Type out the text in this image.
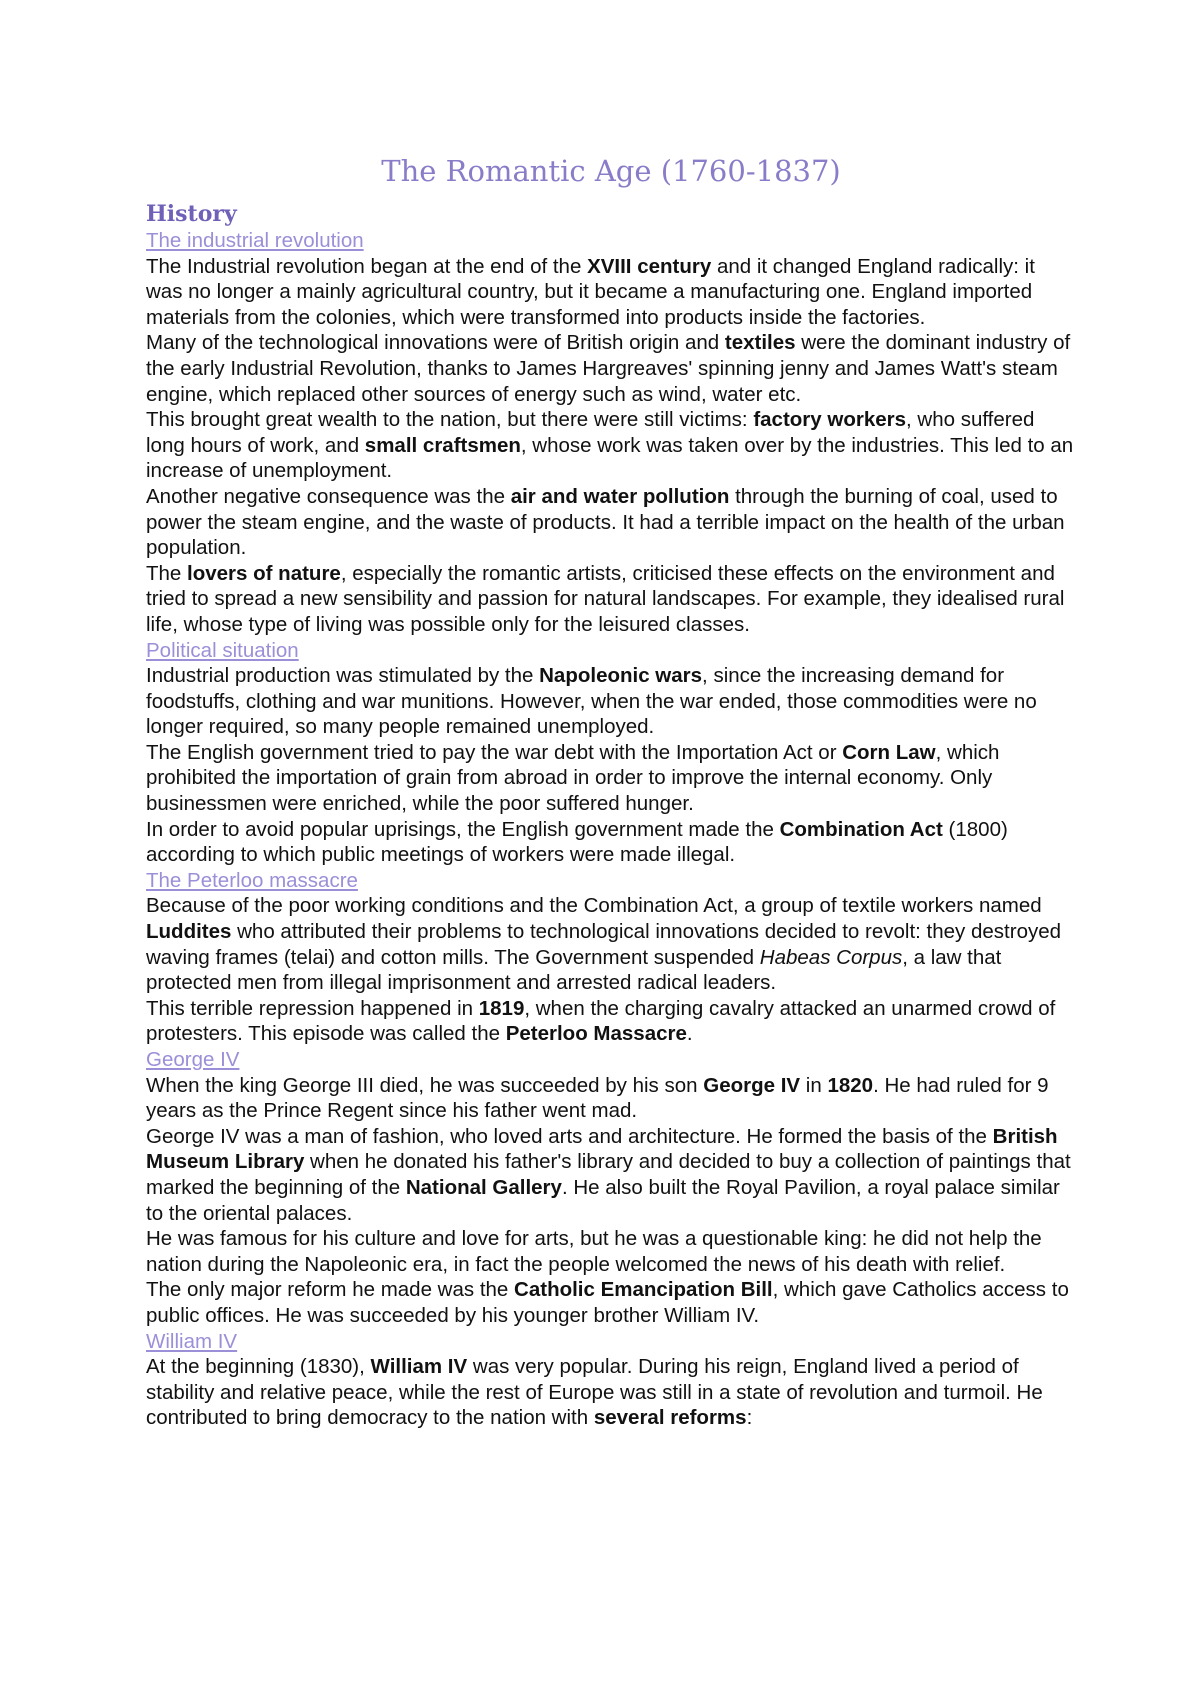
The Romantic Age (1760-1837)
History

The industrial revolution

The Industrial revolution began at the end of the XVIII century and it changed England radically: it was no longer a mainly agricultural country, but it became a manufacturing one. England imported materials from the colonies, which were transformed into products inside the factories.

Many of the technological innovations were of British origin and textiles were the dominant industry of the early Industrial Revolution, thanks to James Hargreaves' spinning jenny and James Watt's steam engine, which replaced other sources of energy such as wind, water etc.

This brought great wealth to the nation, but there were still victims: factory workers, who suffered long hours of work, and small craftsmen, whose work was taken over by the industries. This led to an increase of unemployment.

Another negative consequence was the air and water pollution through the burning of coal, used to power the steam engine, and the waste of products. It had a terrible impact on the health of the urban population.

The lovers of nature, especially the romantic artists, criticised these effects on the environment and tried to spread a new sensibility and passion for natural landscapes. For example, they idealised rural life, whose type of living was possible only for the leisured classes.

Political situation

Industrial production was stimulated by the Napoleonic wars, since the increasing demand for foodstuffs, clothing and war munitions. However, when the war ended, those commodities were no longer required, so many people remained unemployed.

The English government tried to pay the war debt with the Importation Act or Corn Law, which prohibited the importation of grain from abroad in order to improve the internal economy. Only businessmen were enriched, while the poor suffered hunger.

In order to avoid popular uprisings, the English government made the Combination Act (1800) according to which public meetings of workers were made illegal.

The Peterloo massacre

Because of the poor working conditions and the Combination Act, a group of textile workers named Luddites who attributed their problems to technological innovations decided to revolt: they destroyed waving frames (telai) and cotton mills. The Government suspended Habeas Corpus, a law that protected men from illegal imprisonment and arrested radical leaders.

This terrible repression happened in 1819, when the charging cavalry attacked an unarmed crowd of protesters. This episode was called the Peterloo Massacre.

George IV

When the king George III died, he was succeeded by his son George IV in 1820. He had ruled for 9 years as the Prince Regent since his father went mad.

George IV was a man of fashion, who loved arts and architecture. He formed the basis of the British Museum Library when he donated his father's library and decided to buy a collection of paintings that marked the beginning of the National Gallery. He also built the Royal Pavilion, a royal palace similar to the oriental palaces.

He was famous for his culture and love for arts, but he was a questionable king: he did not help the nation during the Napoleonic era, in fact the people welcomed the news of his death with relief.

The only major reform he made was the Catholic Emancipation Bill, which gave Catholics access to public offices. He was succeeded by his younger brother William IV.

William IV

At the beginning (1830), William IV was very popular. During his reign, England lived a period of stability and relative peace, while the rest of Europe was still in a state of revolution and turmoil. He contributed to bring democracy to the nation with several reforms:
